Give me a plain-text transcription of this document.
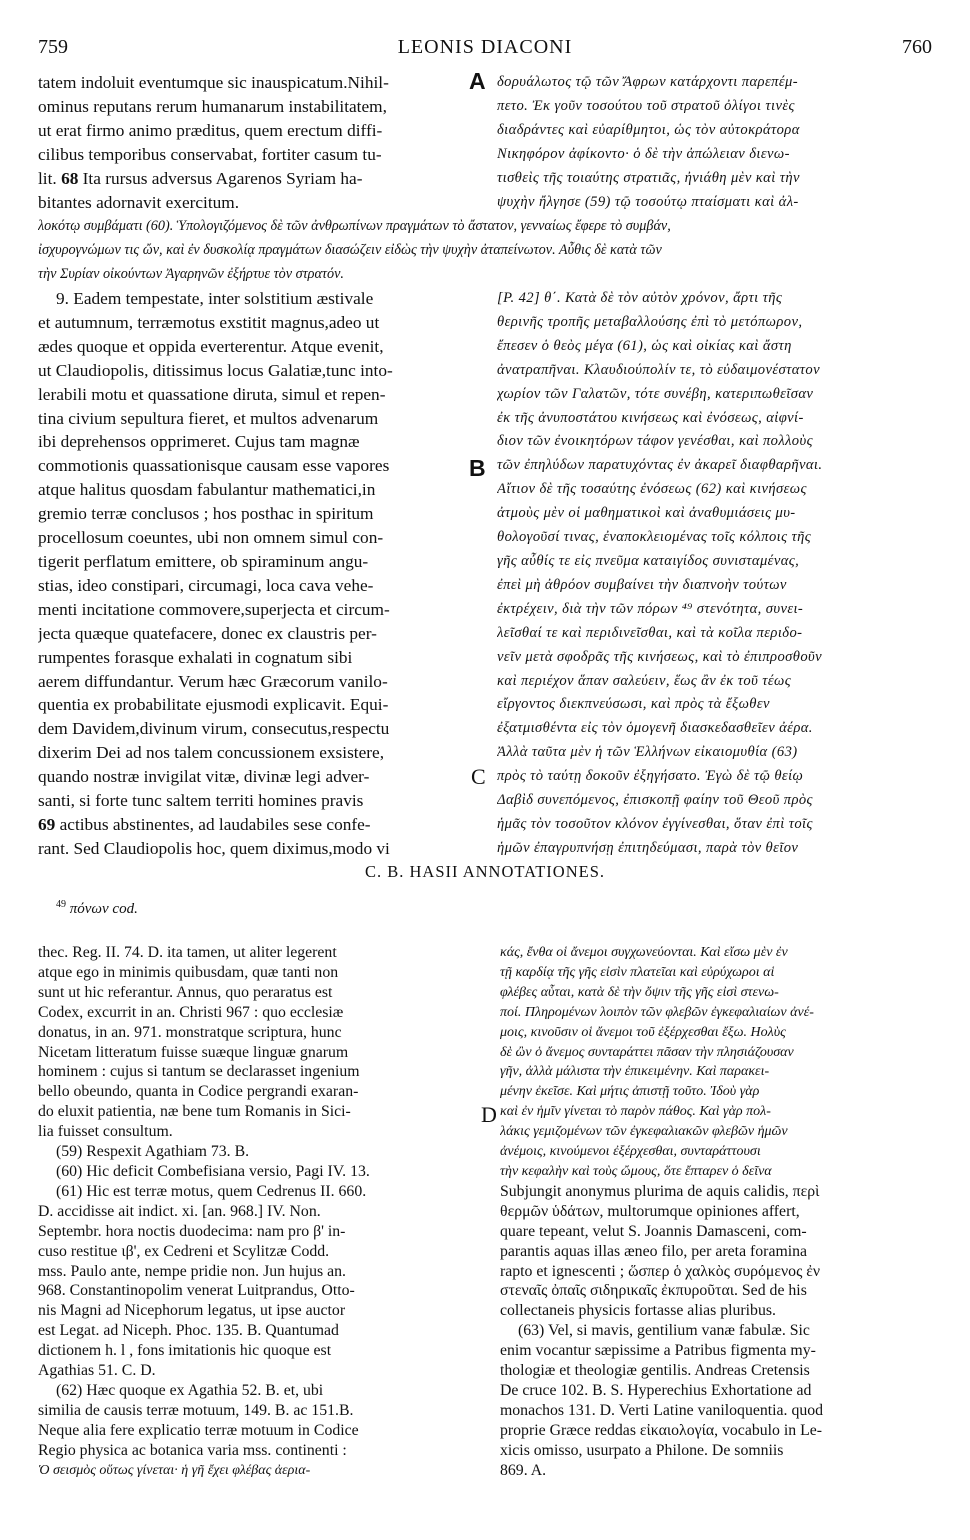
759	LEONIS DIACONI	760
tatem indoluit eventumque sic inauspicatum.Nihil-
ominus reputans rerum humanarum instabilitatem,
ut erat firmo animo præditus, quem erectum diffi-
cilibus temporibus conservabat, fortiter casum tu-
lit. 68 Ita rursus adversus Agarenos Syriam ha-
bitantes adornavit exercitum.
A δορυάλωτος τῷ τῶν Ἄφρων κατάρχοντι παρεπέμ-
πετο. Ἐκ γοῦν τοσούτου τοῦ στρατοῦ ὀλίγοι τινὲς
διαδράντες καὶ εὐαρίθμητοι, ὡς τὸν αὐτοκράτορα
Νικηφόρον ἀφίκοντο· ὁ δὲ τὴν ἀπώλειαν διενω-
τισθεὶς τῆς τοιαύτης στρατιᾶς, ἠνιάθη μὲν καὶ τὴν
ψυχὴν ἤλγησε (59) τῷ τοσούτῳ πταίσματι καὶ ἀλ-
λοκότῳ συμβάματι (60). Ὑπολογιζόμενος δὲ τῶν ἀνθρωπίνων πραγμάτων τὸ ἄστατον, γενναίως ἔφερε τὸ συμβάν,
ἰσχυρογνώμων τις ὤν, καὶ ἐν δυσκολίᾳ πραγμάτων διασώζειν εἰδὼς τὴν ψυχὴν ἀταπείνωτον. Αὖθις δὲ κατὰ τῶν
τὴν Συρίαν οἰκούντων Ἀγαρηνῶν ἐξήρτυε τὸν στρατόν.
9. Eadem tempestate, inter solstitium æstivale
et autumnum, terræmotus exstitit magnus,adeo ut
ædes quoque et oppida everterentur. Atque evenit,
ut Claudiopolis, ditissimus locus Galatiæ,tunc into-
lerabili motu et quassatione diruta, simul et repen-
tina civium sepultura fieret, et multos advenarum
ibi deprehensos opprimeret. Cujus tam magnæ
commotionis quassationisque causam esse vapores
atque halitus quosdam fabulantur mathematici,in
gremio terræ conclusos ; hos posthac in spiritum
procellosum coeuntes, ubi non omnem simul con-
tigerit perflatum emittere, ob spiraminum angu-
stias, ideo constipari, circumagi, loca cava vehe-
menti incitatione commovere,superjecta et circum-
jecta quæque quatefacere, donec ex claustris per-
rumpentes forasque exhalati in cognatum sibi
aerem diffundantur. Verum hæc Græcorum vanilo-
quentia ex probabilitate ejusmodi explicavit. Equi-
dem Davidem,divinum virum, consecutus,respectu
dixerim Dei ad nos talem concussionem exsistere,
quando nostræ invigilat vitæ, divinæ legi adver-
santi, si forte tunc saltem territi homines pravis
69 actibus abstinentes, ad laudabiles sese confe-
rant. Sed Claudiopolis hoc, quem diximus,modo vi
B
C
[P. 42] θ΄. Κατὰ δὲ τὸν αὐτὸν χρόνον, ἄρτι τῆς
θερινῆς τροπῆς μεταβαλλούσης ἐπὶ τὸ μετόπωρον,
ἔπεσεν ὁ θεὸς μέγα (61), ὡς καὶ οἰκίας καὶ ἄστη
ἀνατραπῆναι. Κλαυδιούπολίν τε, τὸ εὐδαιμονέστατον
χωρίον τῶν Γαλατῶν, τότε συνέβη, κατεριπωθεῖσαν
ἐκ τῆς ἀνυποστάτου κινήσεως καὶ ἐνόσεως, αἰφνί-
διον τῶν ἐνοικητόρων τάφον γενέσθαι, καὶ πολλοὺς
τῶν ἐπηλύδων παρατυχόντας ἐν ἀκαρεῖ διαφθαρῆναι.
Αἴτιον δὲ τῆς τοσαύτης ἐνόσεως (62) καὶ κινήσεως
ἀτμοὺς μὲν οἱ μαθηματικοὶ καὶ ἀναθυμιάσεις μυ-
θολογοῦσί τινας, ἐναποκλειομένας τοῖς κόλποις τῆς
γῆς αὖθίς τε εἰς πνεῦμα καταιγίδος συνισταμένας,
ἐπεὶ μὴ ἀθρόον συμβαίνει τὴν διαπνοὴν τούτων
ἐκτρέχειν, διὰ τὴν τῶν πόρων ⁴⁹ στενότητα, συνει-
λεῖσθαί τε καὶ περιδινεῖσθαι, καὶ τὰ κοῖλα περιδο-
νεῖν μετὰ σφοδρᾶς τῆς κινήσεως, καὶ τὸ ἐπιπροσθοῦν
καὶ περιέχον ἅπαν σαλεύειν, ἕως ἂν ἐκ τοῦ τέως
εἴργοντος διεκπνεύσωσι, καὶ πρὸς τὰ ἔξωθεν
ἐξατμισθέντα εἰς τὸν ὁμογενῆ διασκεδασθεῖεν ἀέρα.
Ἀλλὰ ταῦτα μὲν ἡ τῶν Ἑλλήνων εἰκαιομυθία (63)
πρὸς τὸ ταύτῃ δοκοῦν ἐξηγήσατο. Ἐγὼ δὲ τῷ θείῳ
Δαβὶδ συνεπόμενος, ἐπισκοπῇ φαίην τοῦ Θεοῦ πρὸς
ἡμᾶς τὸν τοσοῦτον κλόνον ἐγγίνεσθαι, ὅταν ἐπὶ τοῖς
ἡμῶν ἐπαγρυπνήσῃ ἐπιτηδεύμασι, παρὰ τὸν θεῖον
C. B. HASII ANNOTATIONES.
$^{49}$ πόνων cod.
thec. Reg. II. 74. D. ita tamen, ut aliter legerent
atque ego in minimis quibusdam, quæ tanti non
sunt ut hic referantur. Annus, quo peraratus est
Codex, excurrit in an. Christi 967 : quo ecclesiæ
donatus, in an. 971. monstratque scriptura, hunc
Nicetam litteratum fuisse suæque linguæ gnarum
hominem : cujus si tantum se declarasset ingenium
bello obeundo, quanta in Codice pergrandi exaran-
do eluxit patientia, næ bene tum Romanis in Sici-
lia fuisset consultum.
(59) Respexit Agathiam 73. B.
(60) Hic deficit Combefisiana versio, Pagi IV. 13.
(61) Hic est terræ motus, quem Cedrenus II. 660.
D. accidisse ait indict. xi. [an. 968.] IV. Non.
Septembr. hora noctis duodecima: nam pro β' in-
cuso restitue ιβ', ex Cedreni et Scylitzæ Codd.
mss. Paulo ante, nempe pridie non. Jun hujus an.
968. Constantinopolim venerat Luitprandus, Otto-
nis Magni ad Nicephorum legatus, ut ipse auctor
est Legat. ad Niceph. Phoc. 135. B. Quantumad
dictionem h. l , fons imitationis hic quoque est
Agathias 51. C. D.
(62) Hæc quoque ex Agathia 52. B. et, ubi
similia de causis terræ motuum, 149. B. ac 151.B.
Neque alia fere explicatio terræ motuum in Codice
Regio physica ac botanica varia mss. continenti :
Ὁ σεισμὸς οὕτως γίνεται· ἡ γῆ ἔχει φλέβας ἀερια-
D
κάς, ἔνθα οἱ ἄνεμοι συγχωνεύονται. Καὶ εἴσω μὲν ἐν
τῇ καρδίᾳ τῆς γῆς εἰσὶν πλατεῖαι καὶ εὐρύχωροι αἱ
φλέβες αὗται, κατὰ δὲ τὴν ὄψιν τῆς γῆς εἰσὶ στενω-
ποί. Πληρομένων λοιπὸν τῶν φλεβῶν ἐγκεφαλιαίων ἀνέ-
μοις, κινοῦσιν οἱ ἄνεμοι τοῦ ἐξέρχεσθαι ἔξω. Ηολὺς
δὲ ὢν ὁ ἄνεμος συνταράττει πᾶσαν τὴν πλησιάζουσαν
γῆν, ἀλλὰ μάλιστα τὴν ἐπικειμένην. Καὶ παρακει-
μένην ἐκεῖσε. Καὶ μήτις ἀπιστῇ τοῦτο. Ἰδοὺ γὰρ
καὶ ἐν ἡμῖν γίνεται τὸ παρὸν πάθος. Καὶ γὰρ πολ-
λάκις γεμιζομένων τῶν ἐγκεφαλιακῶν φλεβῶν ἡμῶν
ἀνέμοις, κινούμενοι ἐξέρχεσθαι, συνταράττουσι
τὴν κεφαλὴν καὶ τοὺς ὤμους, ὅτε ἔπταρεν ὁ δεῖνα
Subjungit anonymus plurima de aquis calidis, περὶ
θερμῶν ὑδάτων, multorumque opiniones affert,
quare tepeant, velut S. Joannis Damasceni, com-
parantis aquas illas æneo filo, per areta foramina
rapto et ignescenti ; ὥσπερ ὁ χαλκὸς συρόμενος ἐν
στεναῖς ὀπαῖς σιδηρικαῖς ἐκπυροῦται. Sed de his
collectaneis physicis fortasse alias pluribus.
(63) Vel, si mavis, gentilium vanæ fabulæ. Sic
enim vocantur sæpissime a Patribus figmenta my-
thologiæ et theologiæ gentilis. Andreas Cretensis
De cruce 102. B. S. Hyperechius Exhortatione ad
monachos 131. D. Verti Latine vaniloquentia. quod
proprie Græce reddas εἰκαιολογία, vocabulo in Le-
xicis omisso, usurpato a Philone. De somniis
869. A.
